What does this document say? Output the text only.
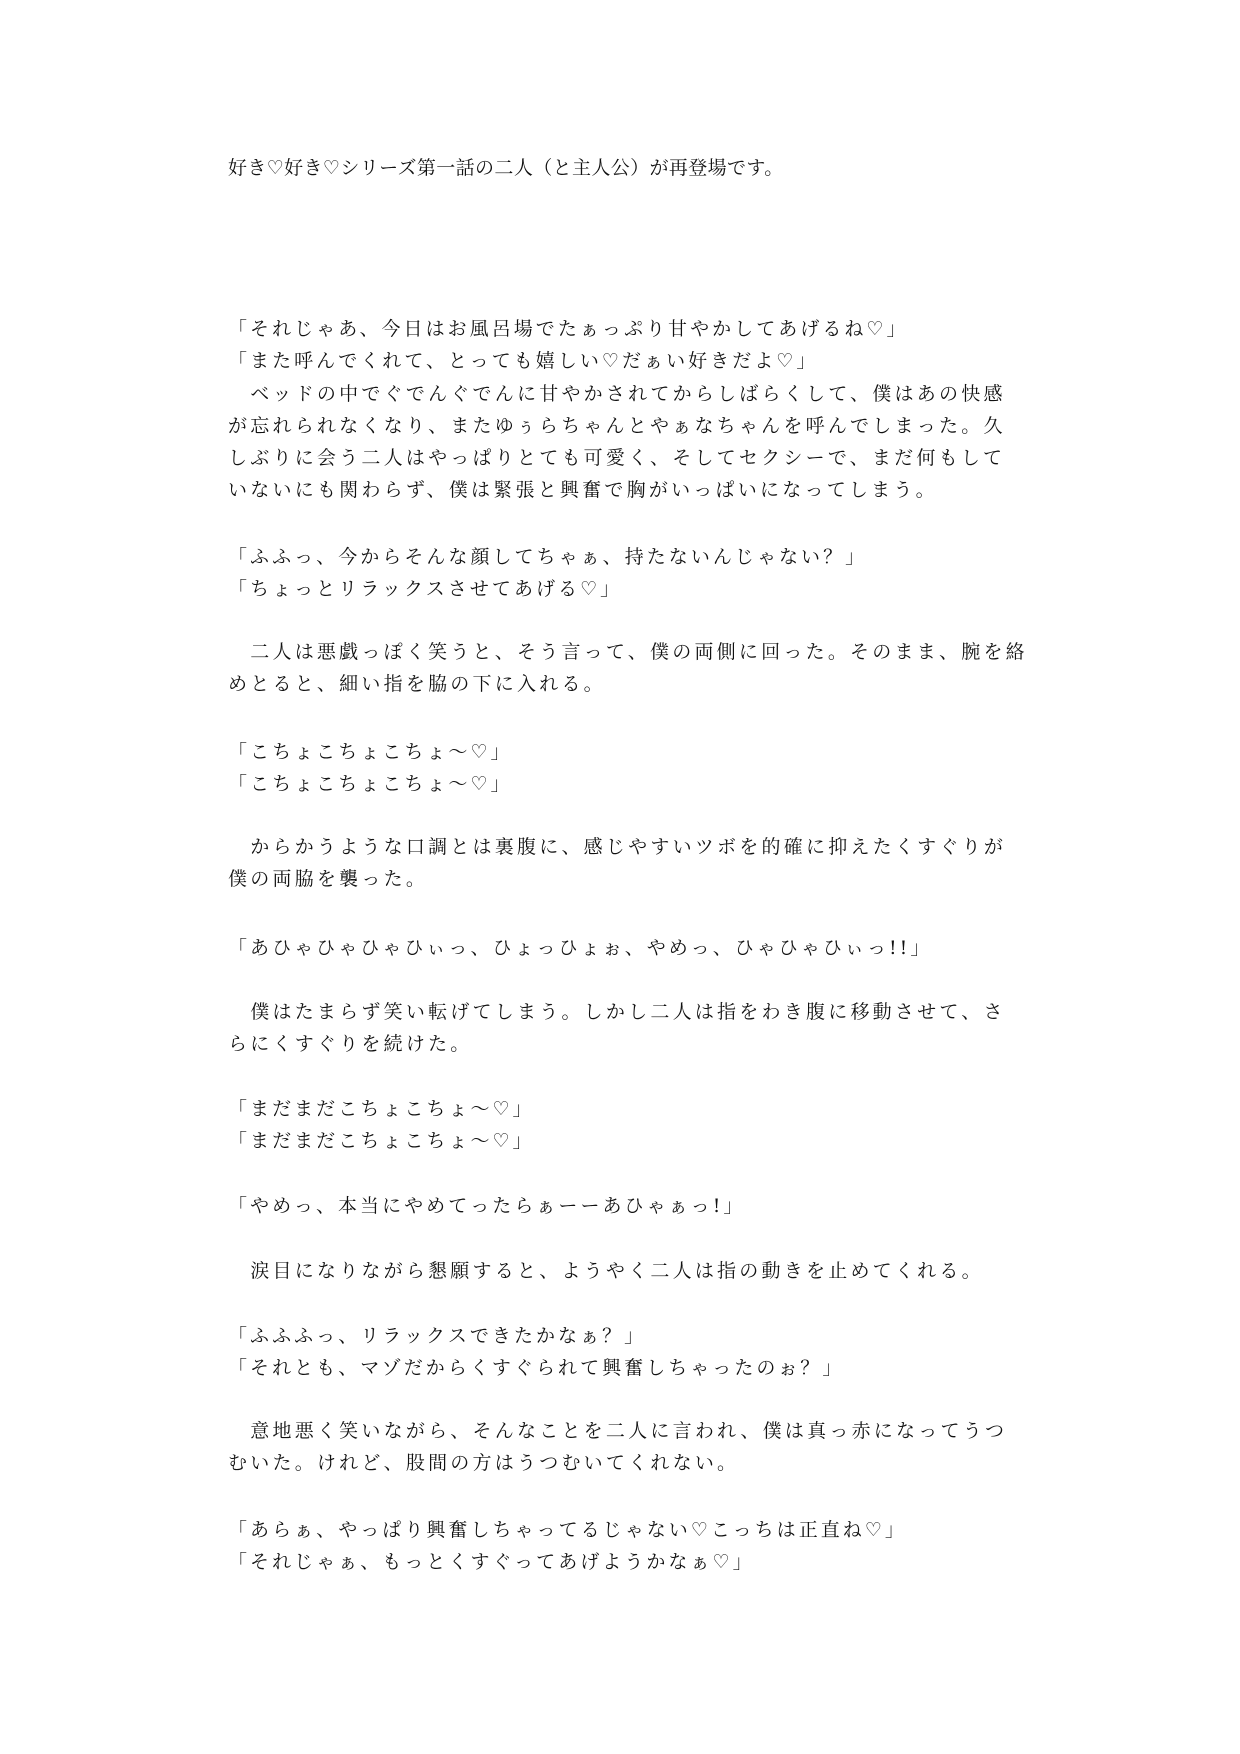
好き♡好き♡シリーズ第一話の二人（と主人公）が再登場です。

「それじゃあ、今日はお風呂場でたぁっぷり甘やかしてあげるね♡」
「また呼んでくれて、とっても嬉しい♡だぁい好きだよ♡」
　ベッドの中でぐでんぐでんに甘やかされてからしばらくして、僕はあの快感
が忘れられなくなり、またゆぅらちゃんとやぁなちゃんを呼んでしまった。久
しぶりに会う二人はやっぱりとても可愛く、そしてセクシーで、まだ何もして
いないにも関わらず、僕は緊張と興奮で胸がいっぱいになってしまう。
「ふふっ、今からそんな顔してちゃぁ、持たないんじゃない？」
「ちょっとリラックスさせてあげる♡」
　二人は悪戯っぽく笑うと、そう言って、僕の両側に回った。そのまま、腕を絡
めとると、細い指を脇の下に入れる。
「こちょこちょこちょ〜♡」
「こちょこちょこちょ〜♡」
　からかうような口調とは裏腹に、感じやすいツボを的確に抑えたくすぐりが
僕の両脇を襲った。
「あひゃひゃひゃひぃっ、ひょっひょぉ、やめっ、ひゃひゃひぃっ!!」
　僕はたまらず笑い転げてしまう。しかし二人は指をわき腹に移動させて、さ
らにくすぐりを続けた。
「まだまだこちょこちょ〜♡」
「まだまだこちょこちょ〜♡」
「やめっ、本当にやめてったらぁーーあひゃぁっ!」
　涙目になりながら懇願すると、ようやく二人は指の動きを止めてくれる。
「ふふふっ、リラックスできたかなぁ？」
「それとも、マゾだからくすぐられて興奮しちゃったのぉ？」
　意地悪く笑いながら、そんなことを二人に言われ、僕は真っ赤になってうつ
むいた。けれど、股間の方はうつむいてくれない。
「あらぁ、やっぱり興奮しちゃってるじゃない♡こっちは正直ね♡」
「それじゃぁ、もっとくすぐってあげようかなぁ♡」
